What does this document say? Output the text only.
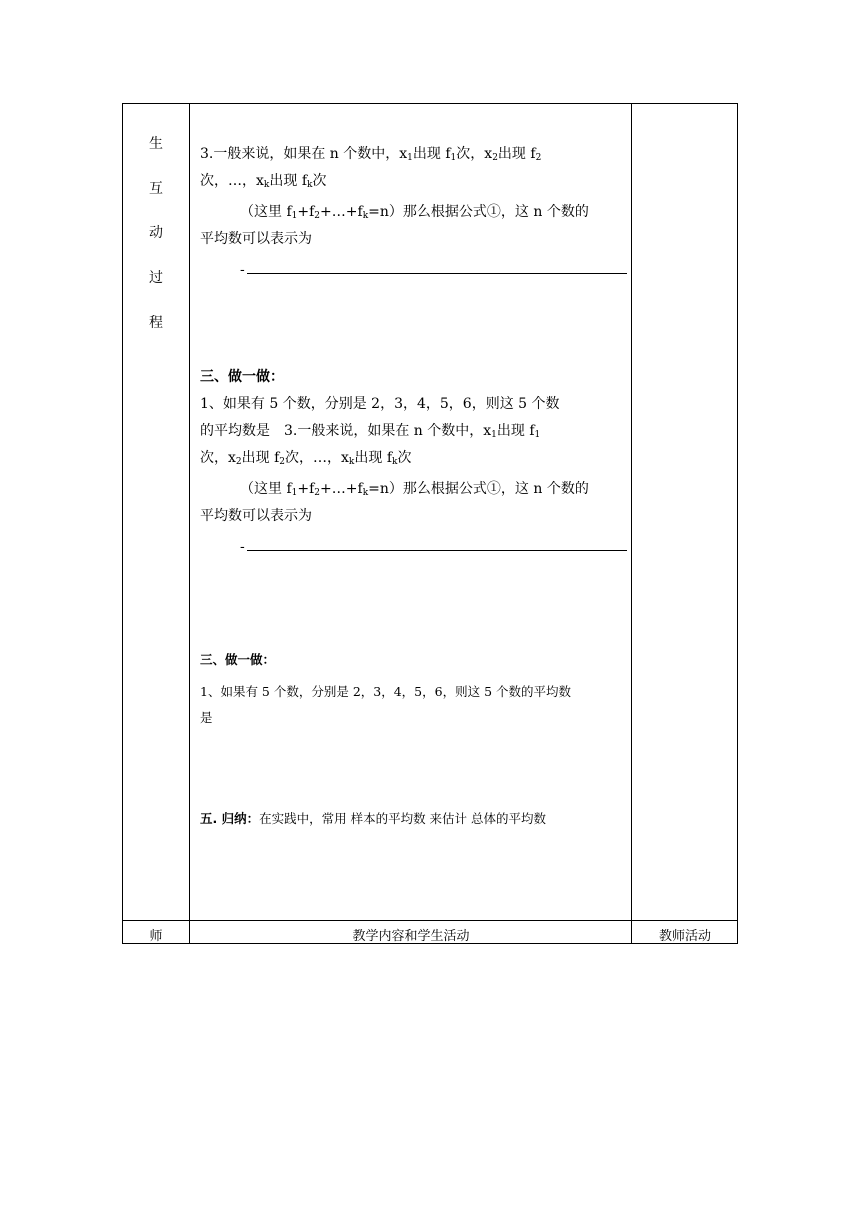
生
互
动
过
程

3.一般来说，如果在 n 个数中，$x_1$出现 $f_1$次，$x_2$出现 $f_2$

次，…，$x_k$出现 $f_k$次

（这里 $f_1+f_2+\dots+f_k=n$）那么根据公式①，这 n 个数的

平均数可以表示为

-

三、做一做：

1、如果有 5 个数，分别是 2，3，4，5，6，则这 5 个数

的平均数是　3.一般来说，如果在 n 个数中，$x_1$出现 $f_1$

次，$x_2$出现 $f_2$次，…，$x_k$出现 $f_k$次

（这里 $f_1+f_2+\dots+f_k=n$）那么根据公式①，这 n 个数的

平均数可以表示为

-

三、做一做：

1、如果有 5 个数，分别是 2，3，4，5，6，则这 5 个数的平均数

是

五. 归纳：在实践中，常用 样本的平均数 来估计 总体的平均数

师	教学内容和学生活动	教师活动
